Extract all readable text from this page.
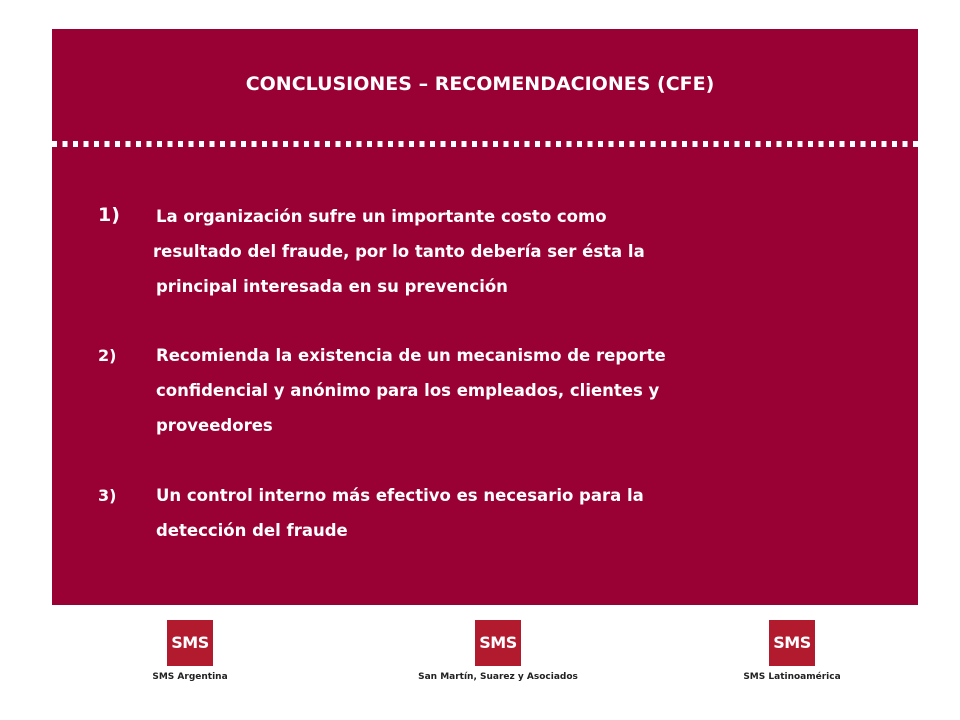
CONCLUSIONES – RECOMENDACIONES (CFE)
1) La organización sufre un importante costo como
resultado del fraude, por lo tanto debería ser ésta la
principal interesada en su prevención
2) Recomienda la existencia de un mecanismo de reporte
confidencial y anónimo para los empleados, clientes y
proveedores
3) Un control interno más efectivo es necesario para la
detección del fraude
SMS
SMS Argentina
SMS
San Martín, Suarez y Asociados
SMS
SMS Latinoamérica
